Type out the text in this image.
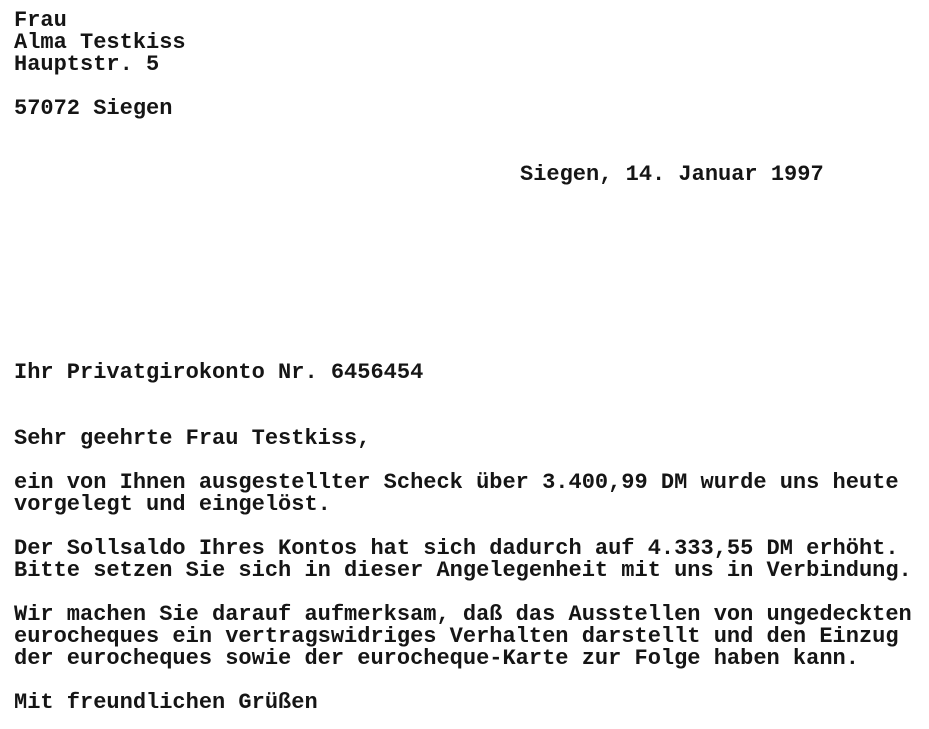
Frau
Alma Testkiss
Hauptstr. 5
57072 Siegen
Siegen, 14. Januar 1997
Ihr Privatgirokonto Nr. 6456454
Sehr geehrte Frau Testkiss,
ein von Ihnen ausgestellter Scheck über 3.400,99 DM wurde uns heute
vorgelegt und eingelöst.
Der Sollsaldo Ihres Kontos hat sich dadurch auf 4.333,55 DM erhöht.
Bitte setzen Sie sich in dieser Angelegenheit mit uns in Verbindung.
Wir machen Sie darauf aufmerksam, daß das Ausstellen von ungedeckten
eurocheques ein vertragswidriges Verhalten darstellt und den Einzug
der eurocheques sowie der eurocheque-Karte zur Folge haben kann.
Mit freundlichen Grüßen
